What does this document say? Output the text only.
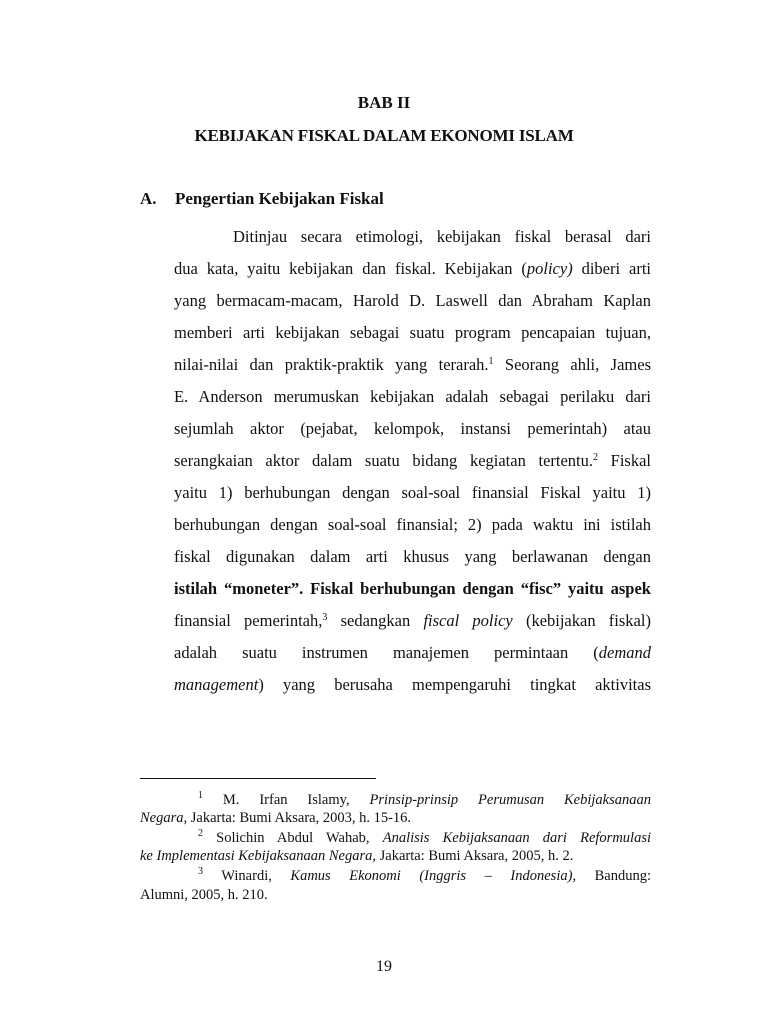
BAB II
KEBIJAKAN FISKAL DALAM EKONOMI ISLAM
A. Pengertian Kebijakan Fiskal
Ditinjau secara etimologi, kebijakan fiskal berasal dari
dua kata, yaitu kebijakan dan fiskal. Kebijakan (policy) diberi arti
yang bermacam-macam, Harold D. Laswell dan Abraham Kaplan
memberi arti kebijakan sebagai suatu program pencapaian tujuan,
nilai-nilai dan praktik-praktik yang terarah.$^1$ Seorang ahli, James
E. Anderson merumuskan kebijakan adalah sebagai perilaku dari
sejumlah aktor (pejabat, kelompok, instansi pemerintah) atau
serangkaian aktor dalam suatu bidang kegiatan tertentu.$^2$ Fiskal
yaitu 1) berhubungan dengan soal-soal finansial Fiskal yaitu 1)
berhubungan dengan soal-soal finansial; 2) pada waktu ini istilah
fiskal digunakan dalam arti khusus yang berlawanan dengan
istilah “moneter”. Fiskal berhubungan dengan “fisc” yaitu aspek
finansial pemerintah,$^3$ sedangkan fiscal policy (kebijakan fiskal)
adalah suatu instrumen manajemen permintaan (demand
management) yang berusaha mempengaruhi tingkat aktivitas
$^1$ M. Irfan Islamy, Prinsip-prinsip Perumusan Kebijaksanaan
Negara, Jakarta: Bumi Aksara, 2003, h. 15-16.
$^2$ Solichin Abdul Wahab, Analisis Kebijaksanaan dari Reformulasi
ke Implementasi Kebijaksanaan Negara, Jakarta: Bumi Aksara, 2005, h. 2.
$^3$ Winardi, Kamus Ekonomi (Inggris – Indonesia), Bandung:
Alumni, 2005, h. 210.
19
